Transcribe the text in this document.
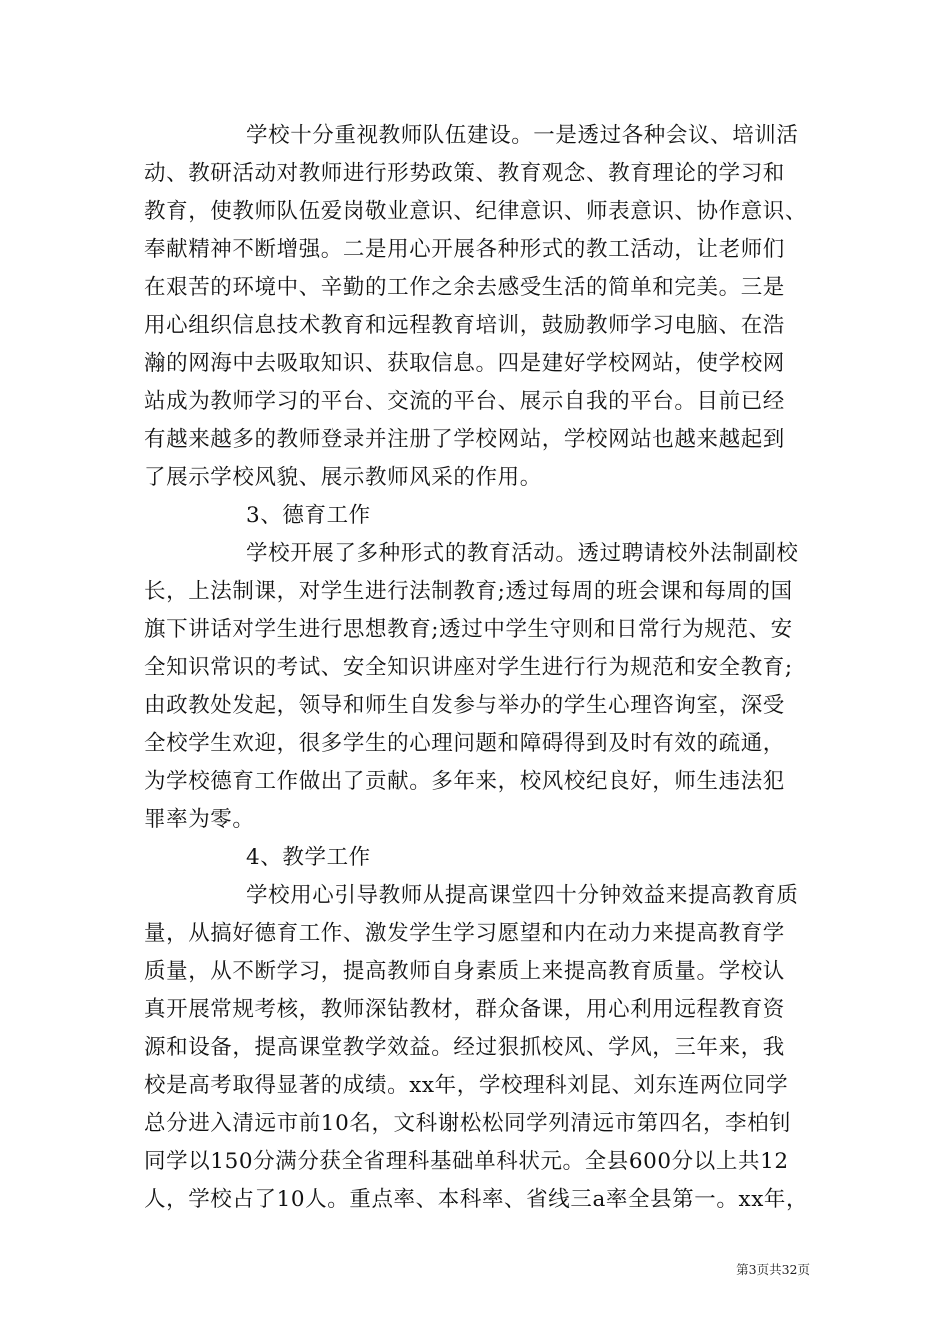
学校十分重视教师队伍建设。一是透过各种会议、培训活
动、教研活动对教师进行形势政策、教育观念、教育理论的学习和
教育，使教师队伍爱岗敬业意识、纪律意识、师表意识、协作意识、
奉献精神不断增强。二是用心开展各种形式的教工活动，让老师们
在艰苦的环境中、辛勤的工作之余去感受生活的简单和完美。三是
用心组织信息技术教育和远程教育培训，鼓励教师学习电脑、在浩
瀚的网海中去吸取知识、获取信息。四是建好学校网站，使学校网
站成为教师学习的平台、交流的平台、展示自我的平台。目前已经
有越来越多的教师登录并注册了学校网站，学校网站也越来越起到
了展示学校风貌、展示教师风采的作用。
3、德育工作
学校开展了多种形式的教育活动。透过聘请校外法制副校
长，上法制课，对学生进行法制教育;透过每周的班会课和每周的国
旗下讲话对学生进行思想教育;透过中学生守则和日常行为规范、安
全知识常识的考试、安全知识讲座对学生进行行为规范和安全教育;
由政教处发起，领导和师生自发参与举办的学生心理咨询室，深受
全校学生欢迎，很多学生的心理问题和障碍得到及时有效的疏通，
为学校德育工作做出了贡献。多年来，校风校纪良好，师生违法犯
罪率为零。
4、教学工作
学校用心引导教师从提高课堂四十分钟效益来提高教育质
量，从搞好德育工作、激发学生学习愿望和内在动力来提高教育学
质量，从不断学习，提高教师自身素质上来提高教育质量。学校认
真开展常规考核，教师深钻教材，群众备课，用心利用远程教育资
源和设备，提高课堂教学效益。经过狠抓校风、学风，三年来，我
校是高考取得显著的成绩。xx年，学校理科刘昆、刘东连两位同学
总分进入清远市前10名，文科谢松松同学列清远市第四名，李柏钊
同学以150分满分获全省理科基础单科状元。全县600分以上共12
人，学校占了10人。重点率、本科率、省线三a率全县第一。xx年，
第3页共32页
